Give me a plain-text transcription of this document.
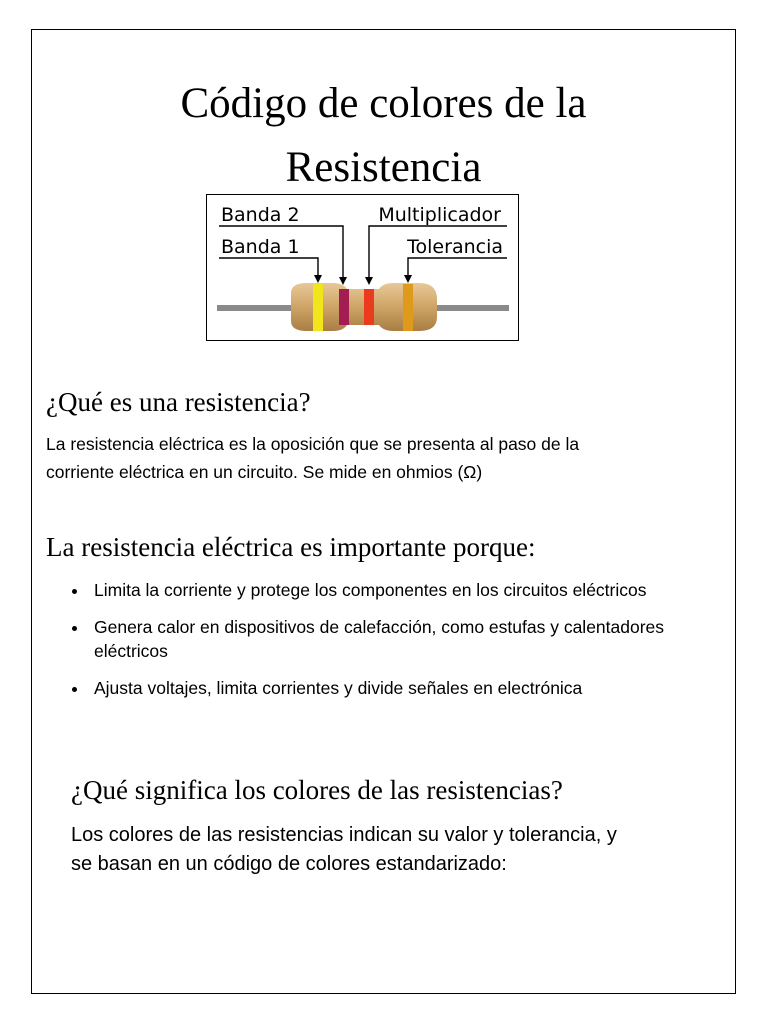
Código de colores de la
Resistencia
Banda 2
Banda 1
Multiplicador
Tolerancia
¿Qué es una resistencia?

La resistencia eléctrica es la oposición que se presenta al paso de la
corriente eléctrica en un circuito. Se mide en ohmios (Ω)

La resistencia eléctrica es importante porque:
Limita la corriente y protege los componentes en los circuitos eléctricos
Genera calor en dispositivos de calefacción, como estufas y calentadores eléctricos
Ajusta voltajes, limita corrientes y divide señales en electrónica
¿Qué significa los colores de las resistencias?

Los colores de las resistencias indican su valor y tolerancia, y
se basan en un código de colores estandarizado:
